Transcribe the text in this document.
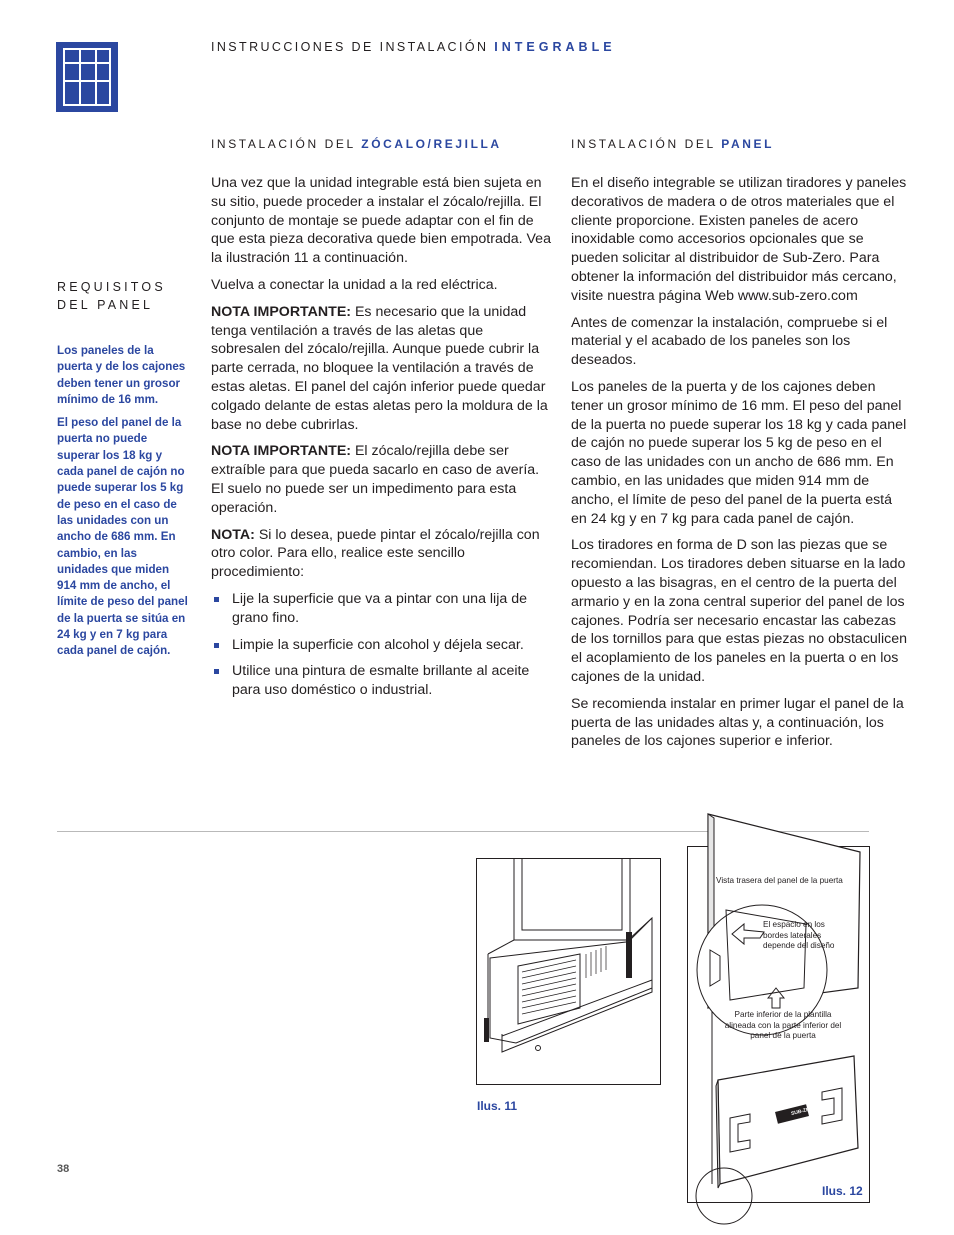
INSTRUCCIONES DE INSTALACIÓN INTEGRABLE
INSTALACIÓN DEL ZÓCALO/REJILLA	INSTALACIÓN DEL PANEL
REQUISITOS
DEL PANEL

Los paneles de la puerta y de los cajones deben tener un grosor mínimo de 16 mm.

El peso del panel de la puerta no puede superar los 18 kg y cada panel de cajón no puede superar los 5 kg de peso en el caso de las unidades con un ancho de 686 mm. En cambio, en las unidades que miden 914 mm de ancho, el límite de peso del panel de la puerta se sitúa en 24 kg y en 7 kg para cada panel de cajón.

Una vez que la unidad integrable está bien sujeta en su sitio, puede proceder a instalar el zócalo/rejilla. El conjunto de montaje se puede adaptar con el fin de que esta pieza decorativa quede bien empotrada. Vea la ilustración 11 a continuación.

Vuelva a conectar la unidad a la red eléctrica.

NOTA IMPORTANTE: Es necesario que la unidad tenga ventilación a través de las aletas que sobresalen del zócalo/rejilla. Aunque puede cubrir la parte cerrada, no bloquee la ventilación a través de estas aletas. El panel del cajón inferior puede quedar colgado delante de estas aletas pero la moldura de la base no debe cubrirlas.

NOTA IMPORTANTE: El zócalo/rejilla debe ser extraíble para que pueda sacarlo en caso de avería. El suelo no puede ser un impedimento para esta operación.

NOTA: Si lo desea, puede pintar el zócalo/rejilla con otro color. Para ello, realice este sencillo procedimiento:

Lije la superficie que va a pintar con una lija de grano fino.
Limpie la superficie con alcohol y déjela secar.
Utilice una pintura de esmalte brillante al aceite para uso doméstico o industrial.

En el diseño integrable se utilizan tiradores y paneles decorativos de madera o de otros materiales que el cliente proporcione. Existen paneles de acero inoxidable como accesorios opcionales que se pueden solicitar al distribuidor de Sub-Zero. Para obtener la información del distribuidor más cercano, visite nuestra página Web www.sub-zero.com

Antes de comenzar la instalación, compruebe si el material y el acabado de los paneles son los deseados.

Los paneles de la puerta y de los cajones deben tener un grosor mínimo de 16 mm. El peso del panel de la puerta no puede superar los 18 kg y cada panel de cajón no puede superar los 5 kg de peso en el caso de las unidades con un ancho de 686 mm. En cambio, en las unidades que miden 914 mm de ancho, el límite de peso del panel de la puerta está en 24 kg y en 7 kg para cada panel de cajón.

Los tiradores en forma de D son las piezas que se recomiendan. Los tiradores deben situarse en la lado opuesto a las bisagras, en el centro de la puerta del armario y en la zona central superior del panel de los cajones. Podría ser necesario encastar las cabezas de los tornillos para que estas piezas no obstaculicen el acoplamiento de los paneles en la puerta o en los cajones de la unidad.

Se recomienda instalar en primer lugar el panel de la puerta de las unidades altas y, a continuación, los paneles de los cajones superior e inferior.

Ilus. 11
Vista trasera del panel de la puerta
El espacio en los bordes laterales depende del diseño
Parte inferior de la plantilla alineada con la parte inferior del panel de la puerta
SUB-ZERO
Ilus. 12
38
